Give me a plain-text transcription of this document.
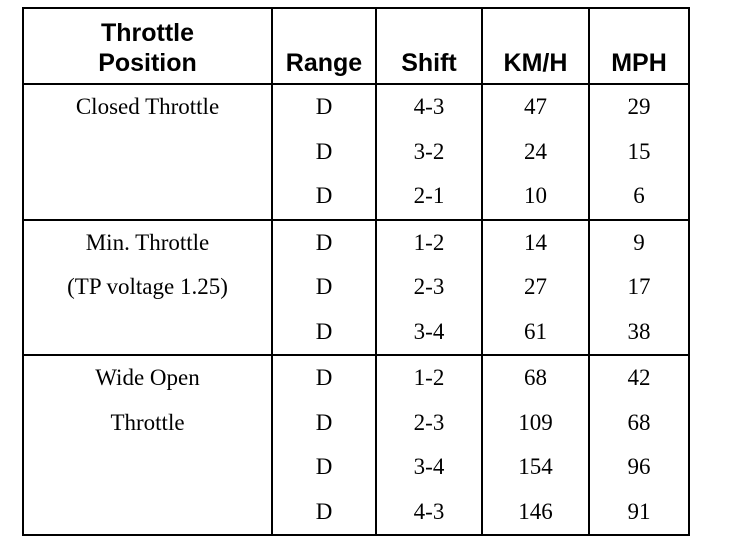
Throttle
Position	Range	Shift	KM/H	MPH

Closed Throttle	D	4-3	47	29
	D	3-2	24	15
	D	2-1	10	6

Min. Throttle
(TP voltage 1.25)	D	1-2	14	9
	D	2-3	27	17
	D	3-4	61	38

Wide Open
Throttle	D	1-2	68	42
	D	2-3	109	68
	D	3-4	154	96
	D	4-3	146	91
